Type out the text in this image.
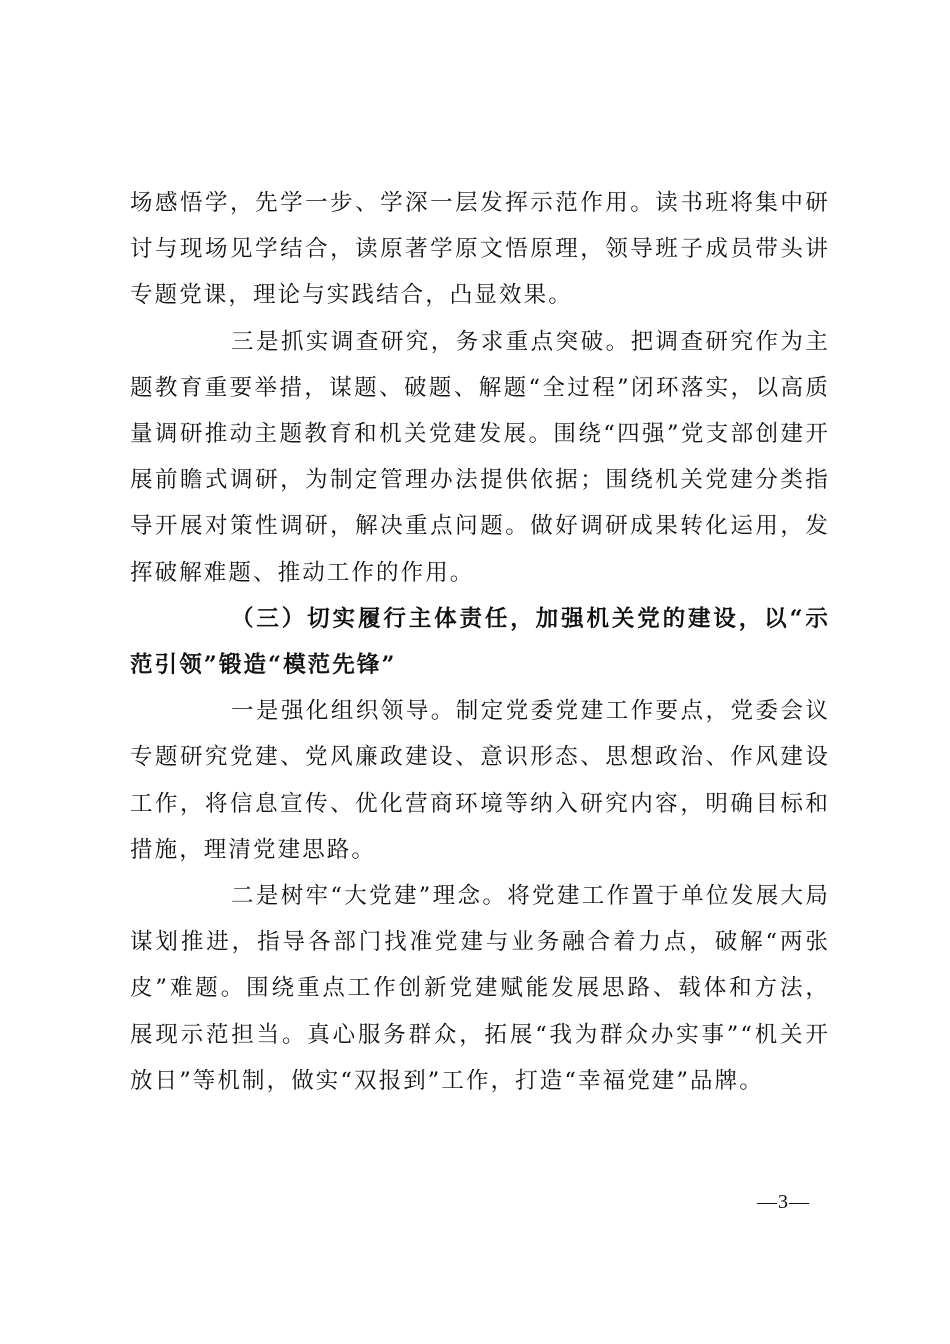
场感悟学，先学一步、学深一层发挥示范作用。读书班将集中研讨与现场见学结合，读原著学原文悟原理，领导班子成员带头讲专题党课，理论与实践结合，凸显效果。

三是抓实调查研究，务求重点突破。把调查研究作为主题教育重要举措，谋题、破题、解题“全过程”闭环落实，以高质量调研推动主题教育和机关党建发展。围绕“四强”党支部创建开展前瞻式调研，为制定管理办法提供依据；围绕机关党建分类指导开展对策性调研，解决重点问题。做好调研成果转化运用，发挥破解难题、推动工作的作用。

（三）切实履行主体责任，加强机关党的建设，以“示范引领”锻造“模范先锋”

一是强化组织领导。制定党委党建工作要点，党委会议专题研究党建、党风廉政建设、意识形态、思想政治、作风建设工作，将信息宣传、优化营商环境等纳入研究内容，明确目标和措施，理清党建思路。

二是树牢“大党建”理念。将党建工作置于单位发展大局谋划推进，指导各部门找准党建与业务融合着力点，破解“两张皮”难题。围绕重点工作创新党建赋能发展思路、载体和方法，展现示范担当。真心服务群众，拓展“我为群众办实事”“机关开放日”等机制，做实“双报到”工作，打造“幸福党建”品牌。

—3—
